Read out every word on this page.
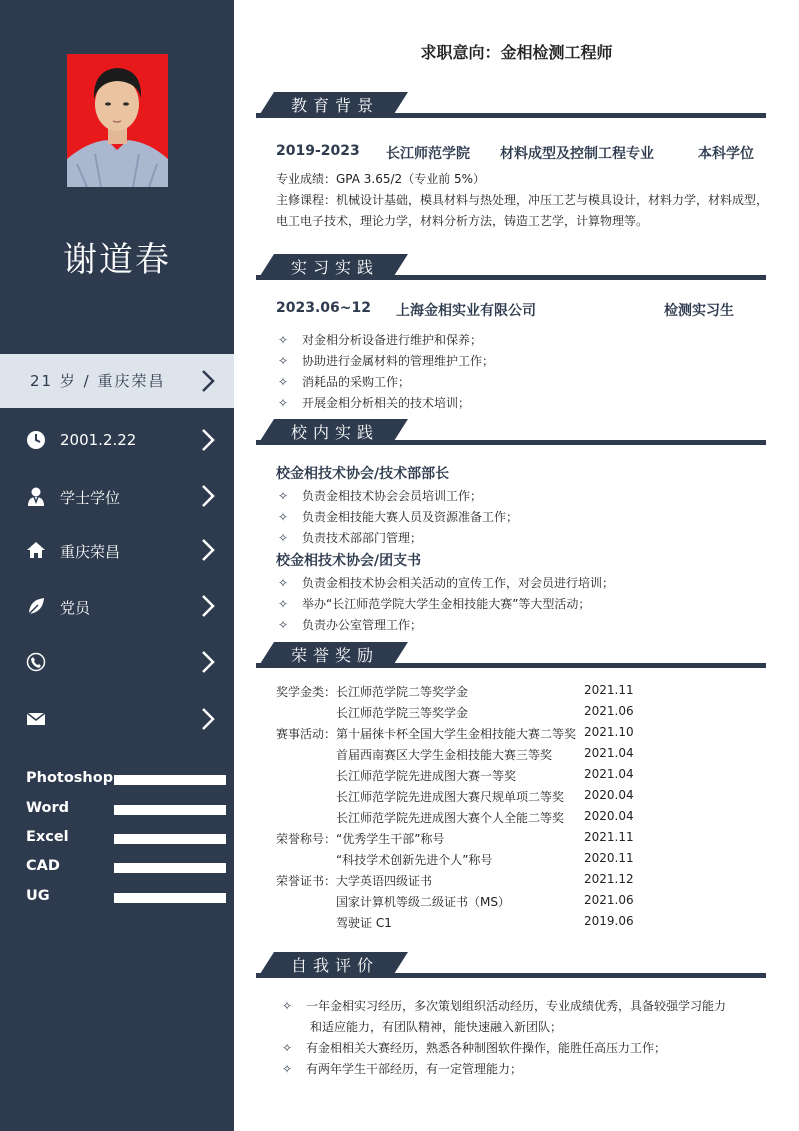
谢道春
21 岁 / 重庆荣昌
2001.2.22
学士学位
重庆荣昌
党员
Photoshop
Word
Excel
CAD
UG
求职意向：金相检测工程师
教育背景
2019-2023 长江师范学院 材料成型及控制工程专业	本科学位
专业成绩：GPA 3.65/2（专业前 5%）
主修课程：机械设计基础，模具材料与热处理，冲压工艺与模具设计，材料力学，材料成型，
电工电子技术，理论力学，材料分析方法，铸造工艺学，计算物理等。
实习实践
2023.06~12 上海金相实业有限公司	检测实习生
✧ 对金相分析设备进行维护和保养；
✧ 协助进行金属材料的管理维护工作；
✧ 消耗品的采购工作；
✧ 开展金相分析相关的技术培训；
校内实践
校金相技术协会/技术部部长
✧ 负责金相技术协会会员培训工作；
✧ 负责金相技能大赛人员及资源准备工作；
✧ 负责技术部部门管理；
校金相技术协会/团支书
✧ 负责金相技术协会相关活动的宣传工作，对会员进行培训；
✧ 举办“长江师范学院大学生金相技能大赛”等大型活动；
✧ 负责办公室管理工作；
荣誉奖励
奖学金类： 长江师范学院二等奖学金	2021.11
长江师范学院三等奖学金	2021.06
赛事活动： 第十届徕卡杯全国大学生金相技能大赛二等奖 2021.10
首届西南赛区大学生金相技能大赛三等奖	2021.04
长江师范学院先进成图大赛一等奖	2021.04
长江师范学院先进成图大赛尺规单项二等奖 2020.04
长江师范学院先进成图大赛个人全能二等奖 2020.04
荣誉称号： “优秀学生干部”称号	2021.11
“科技学术创新先进个人”称号	2020.11
荣誉证书： 大学英语四级证书	2021.12
国家计算机等级二级证书（MS）	2021.06
驾驶证 C1	2019.06
自我评价
✧ 一年金相实习经历，多次策划组织活动经历，专业成绩优秀，具备较强学习能力
和适应能力，有团队精神，能快速融入新团队；
✧ 有金相相关大赛经历，熟悉各种制图软件操作，能胜任高压力工作；
✧ 有两年学生干部经历，有一定管理能力；
